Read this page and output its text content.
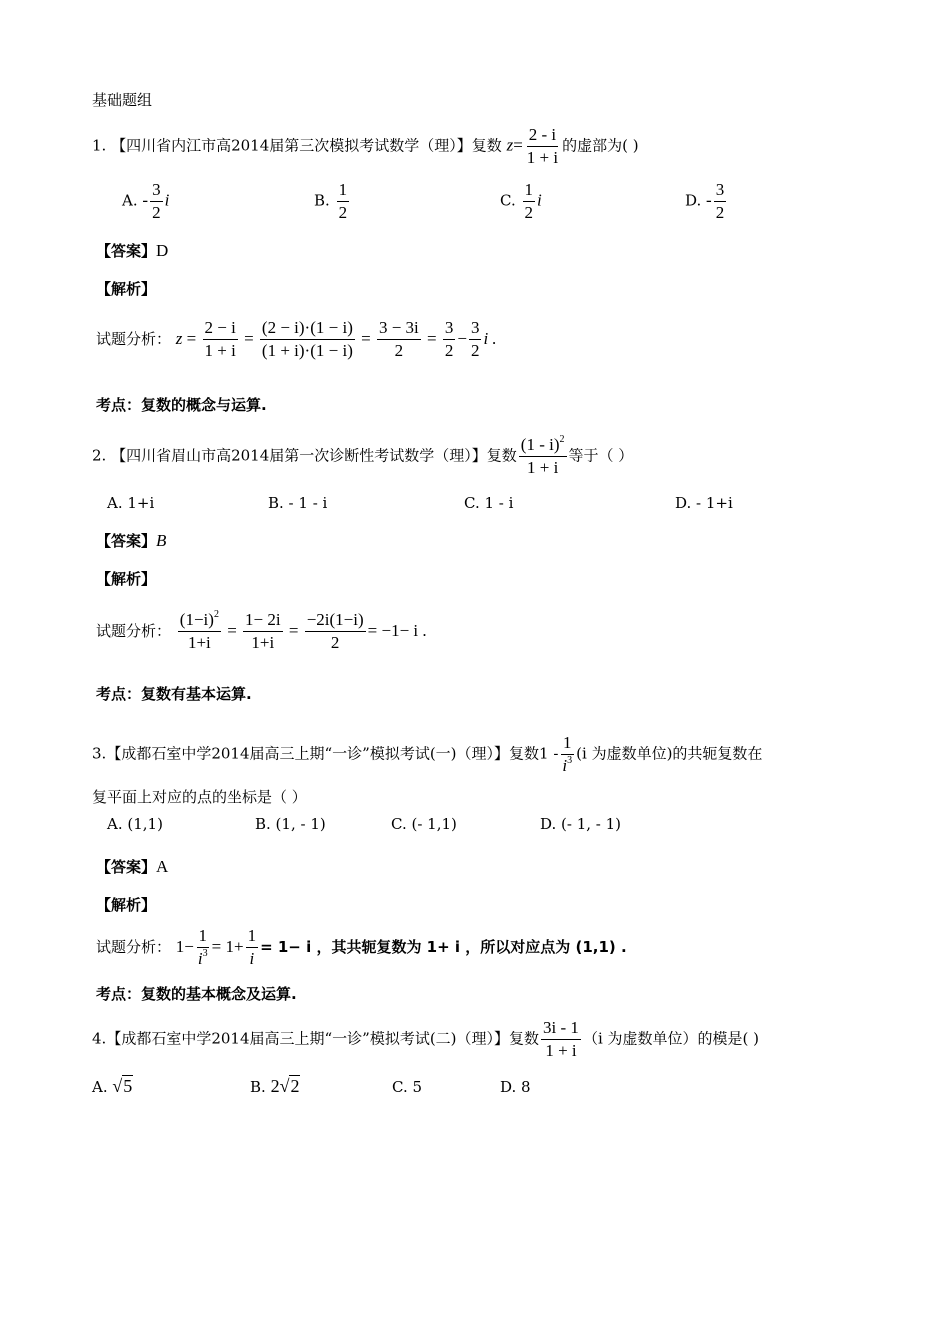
基础题组
1. 【四川省内江市高2014届第三次模拟考试数学（理）】复数 $z= \frac{2 - i}{1 + i}$ 的虚部为( )
A. - $\frac{3}{2}$ i	B. $\frac{1}{2}$	C. $\frac{1}{2}$ i	D. - $\frac{3}{2}$
【答案】D
【解析】
试题分析： $z = \frac{2 - i}{1 + i} = \frac{(2 - i)\cdot(1 - i)}{(1 + i)\cdot(1 - i)} = \frac{3 - 3i}{2} = \frac{3}{2} - \frac{3}{2}$ i .
考点：复数的概念与运算.
2. 【四川省眉山市高2014届第一次诊断性考试数学（理）】复数 $\frac{(1 - i)^2}{1 + i}$ 等于（ ）
A. 1+i	B. - 1 - i	C. 1 - i	D. - 1+i
【答案】B
【解析】
试题分析： $\frac{(1-i)^2}{1+i} = \frac{1- 2i}{1+i} = \frac{-2i(1-i)}{2} = -1- i$ .
考点：复数有基本运算.
3.【成都石室中学2014届高三上期“一诊”模拟考试(一)（理）】复数$1 - \frac{1}{i^3} (i$ 为虚数单位)的共轭复数在
复平面上对应的点的坐标是（ ）
A. (1,1)	B. (1, - 1)	C. (- 1,1)	D. (- 1, - 1)
【答案】A
【解析】
试题分析： $1- \frac{1}{i^3} = 1+ \frac{1}{i} = 1- i$ ，其共轭复数为 1+ i ，所以对应点为 (1,1) .
考点：复数的基本概念及运算.
4.【成都石室中学2014届高三上期“一诊”模拟考试(二)（理）】复数 $\frac{3i - 1}{1 + i} (i$ 为虚数单位）的模是( )
A. √5	B. 2√2	C. 5	D. 8
